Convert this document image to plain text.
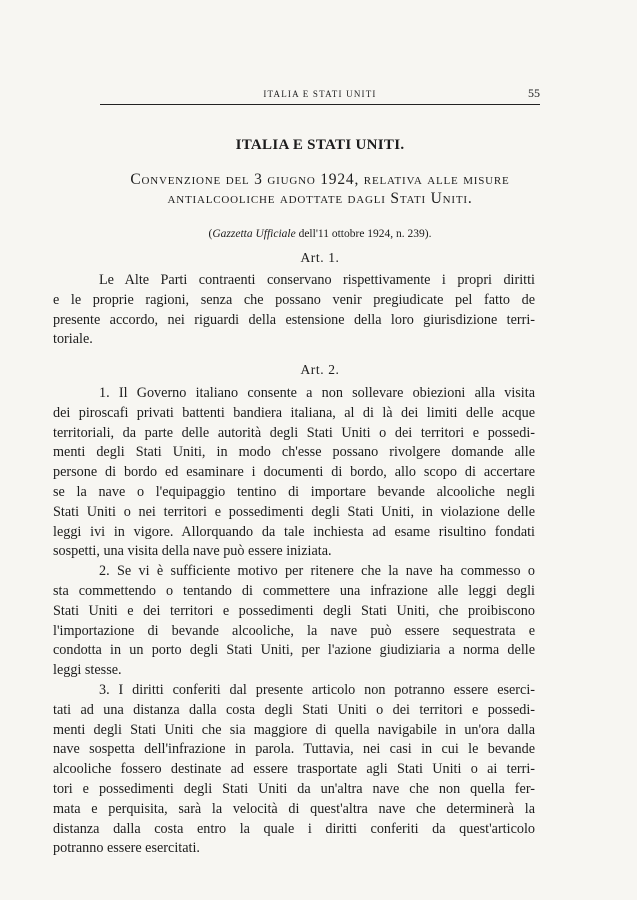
ITALIA E STATI UNITI	55
ITALIA E STATI UNITI.
Convenzione del 3 giugno 1924, relativa alle misure
antialcooliche adottate dagli Stati Uniti.
(Gazzetta Ufficiale dell'11 ottobre 1924, n. 239).
Art. 1.
Le Alte Parti contraenti conservano rispettivamente i propri diritti
e le proprie ragioni, senza che possano venir pregiudicate pel fatto de
presente accordo, nei riguardi della estensione della loro giurisdizione terri-
toriale.
Art. 2.
1. Il Governo italiano consente a non sollevare obiezioni alla visita
dei piroscafi privati battenti bandiera italiana, al di là dei limiti delle acque
territoriali, da parte delle autorità degli Stati Uniti o dei territori e possedi-
menti degli Stati Uniti, in modo ch'esse possano rivolgere domande alle
persone di bordo ed esaminare i documenti di bordo, allo scopo di accertare
se la nave o l'equipaggio tentino di importare bevande alcooliche negli
Stati Uniti o nei territori e possedimenti degli Stati Uniti, in violazione delle
leggi ivi in vigore. Allorquando da tale inchiesta ad esame risultino fondati
sospetti, una visita della nave può essere iniziata.
2. Se vi è sufficiente motivo per ritenere che la nave ha commesso o
sta commettendo o tentando di commettere una infrazione alle leggi degli
Stati Uniti e dei territori e possedimenti degli Stati Uniti, che proibiscono
l'importazione di bevande alcooliche, la nave può essere sequestrata e
condotta in un porto degli Stati Uniti, per l'azione giudiziaria a norma delle
leggi stesse.
3. I diritti conferiti dal presente articolo non potranno essere eserci-
tati ad una distanza dalla costa degli Stati Uniti o dei territori e possedi-
menti degli Stati Uniti che sia maggiore di quella navigabile in un'ora dalla
nave sospetta dell'infrazione in parola. Tuttavia, nei casi in cui le bevande
alcooliche fossero destinate ad essere trasportate agli Stati Uniti o ai terri-
tori e possedimenti degli Stati Uniti da un'altra nave che non quella fer-
mata e perquisita, sarà la velocità di quest'altra nave che determinerà la
distanza dalla costa entro la quale i diritti conferiti da quest'articolo
potranno essere esercitati.
